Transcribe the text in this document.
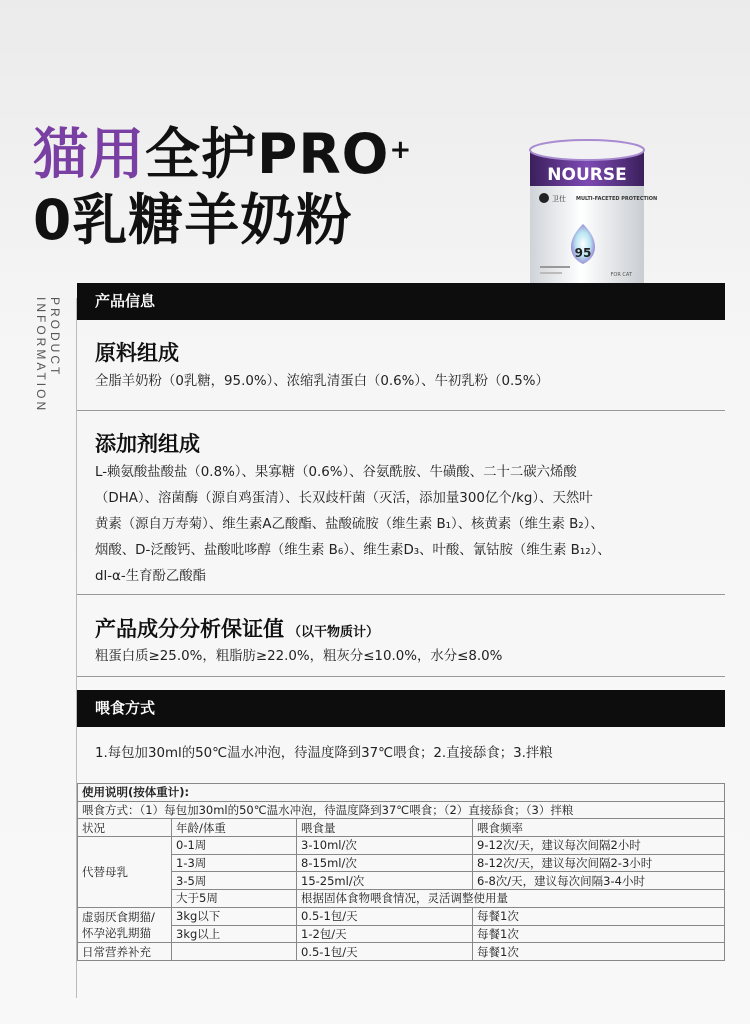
猫用全护PRO+
0乳糖羊奶粉
NOURSE
卫仕 MULTI-FACETED PROTECTION
95
FOR CAT
PRODUCT INFORMATION	产品信息
原料组成
全脂羊奶粉（0乳糖，95.0%）、浓缩乳清蛋白（0.6%）、牛初乳粉（0.5%）
添加剂组成
L-赖氨酸盐酸盐（0.8%）、果寡糖（0.6%）、谷氨酰胺、牛磺酸、二十二碳六烯酸
（DHA）、溶菌酶（源自鸡蛋清）、长双歧杆菌（灭活，添加量300亿个/kg）、天然叶
黄素（源自万寿菊）、维生素A乙酸酯、盐酸硫胺（维生素 B₁）、核黄素（维生素 B₂）、
烟酸、D-泛酸钙、盐酸吡哆醇（维生素 B₆）、维生素D₃、叶酸、氰钴胺（维生素 B₁₂）、
dl-α-生育酚乙酸酯
产品成分分析保证值 （以干物质计）
粗蛋白质≥25.0%，粗脂肪≥22.0%，粗灰分≤10.0%，水分≤8.0%
喂食方式
1.每包加30ml的50℃温水冲泡，待温度降到37℃喂食；2.直接舔食；3.拌粮
使用说明(按体重计):			
喂食方式：（1）每包加30ml的50℃温水冲泡，待温度降到37℃喂食；（2）直接舔食；（3）拌粮			
状况	年龄/体重	喂食量	喂食频率
代替母乳	0-1周	3-10ml/次	9-12次/天，建议每次间隔2小时
	1-3周	8-15ml/次	8-12次/天，建议每次间隔2-3小时
	3-5周	15-25ml/次	6-8次/天，建议每次间隔3-4小时
	大于5周	根据固体食物喂食情况，灵活调整使用量	

虚弱厌食期猫/
怀孕泌乳期猫	3kg以下	0.5-1包/天	每餐1次
	3kg以上	1-2包/天	每餐1次
日常营养补充		0.5-1包/天	每餐1次
